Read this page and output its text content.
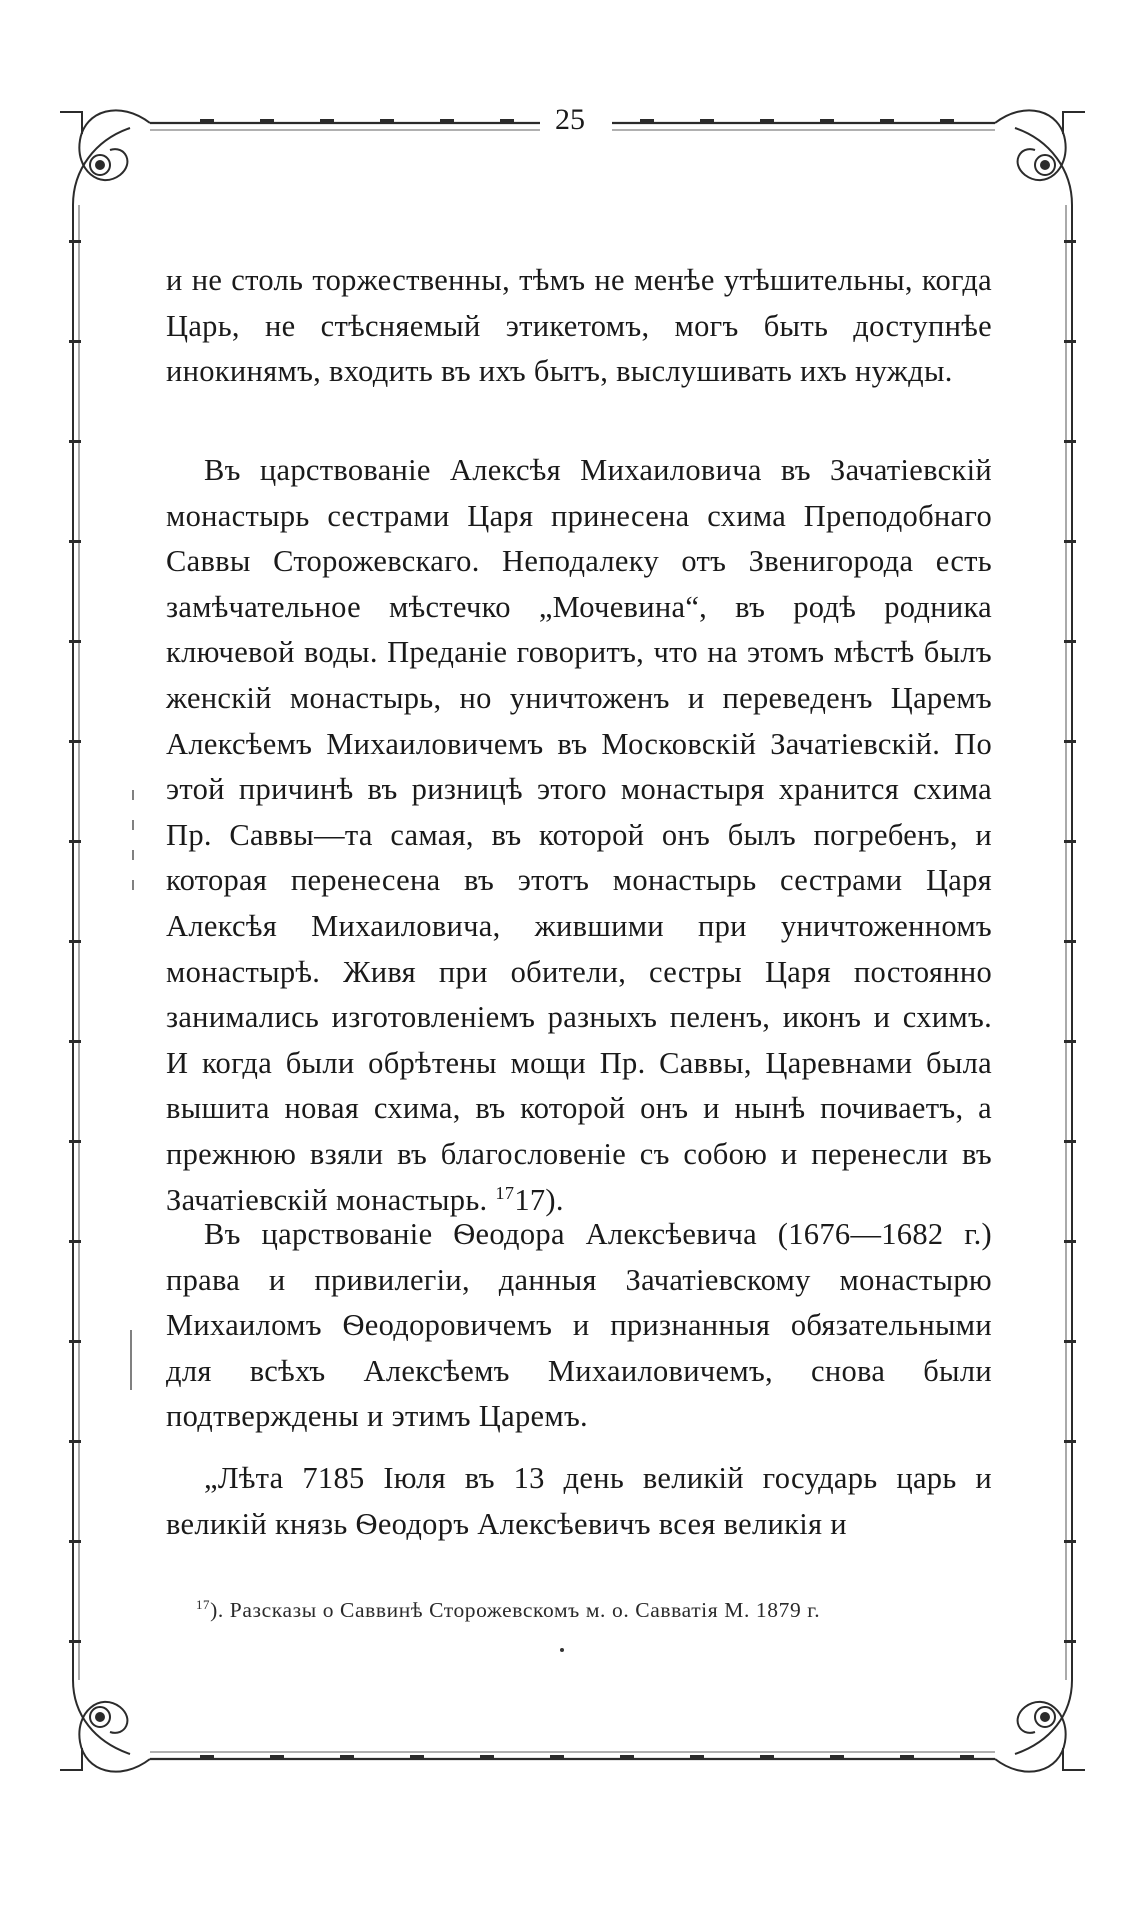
25

и не столь торжественны, тѣмъ не менѣе утѣшительны, когда Царь, не стѣсняемый этикетомъ, могъ быть доступнѣе инокинямъ, входить въ ихъ бытъ, выслушивать ихъ нужды.

Въ царствованіе Алексѣя Михаиловича въ Зачатіевскій монастырь сестрами Царя принесена схима Преподобнаго Саввы Сторожевскаго. Неподалеку отъ Звенигорода есть замѣчательное мѣстечко „Мочевина“, въ родѣ родника ключевой воды. Преданіе говоритъ, что на этомъ мѣстѣ былъ женскій монастырь, но уничтоженъ и переведенъ Царемъ Алексѣемъ Михаиловичемъ въ Московскій Зачатіевскій. По этой причинѣ въ ризницѣ этого монастыря хранится схима Пр. Саввы—та самая, въ которой онъ былъ погребенъ, и которая перенесена въ этотъ монастырь сестрами Царя Алексѣя Михаиловича, жившими при уничтоженномъ монастырѣ. Живя при обители, сестры Царя постоянно занимались изготовленіемъ разныхъ пеленъ, иконъ и схимъ. И когда были обрѣтены мощи Пр. Саввы, Царевнами была вышита новая схима, въ которой онъ и нынѣ почиваетъ, а прежнюю взяли въ благословеніе съ собою и перенесли въ Зачатіевскій монастырь. $^{17}$17).

Въ царствованіе Ѳеодора Алексѣевича (1676—1682 г.) права и привилегіи, данныя Зачатіевскому монастырю Михаиломъ Ѳеодоровичемъ и признанныя обязательными для всѣхъ Алексѣемъ Михаиловичемъ, снова были подтверждены и этимъ Царемъ.

„Лѣта 7185 Іюля въ 13 день великій государь царь и великій князь Ѳеодоръ Алексѣевичъ всея великія и

$^{17}$). Разсказы о Саввинѣ Сторожевскомъ м. о. Савватія М. 1879 г.
